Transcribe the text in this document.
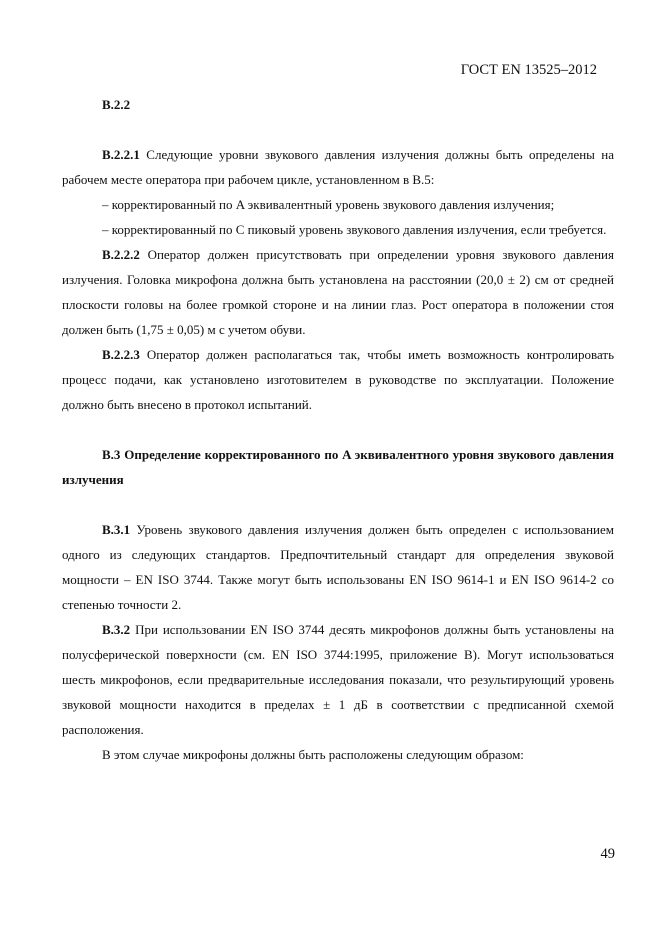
ГОСТ EN 13525–2012

B.2.2

B.2.2.1 Следующие уровни звукового давления излучения должны быть определены на рабочем месте оператора при рабочем цикле, установленном в B.5:

– корректированный по A эквивалентный уровень звукового давления излучения;

– корректированный по C пиковый уровень звукового давления излучения, если требуется.

B.2.2.2 Оператор должен присутствовать при определении уровня звукового давления излучения. Головка микрофона должна быть установлена на расстоянии (20,0 ± 2) см от средней плоскости головы на более громкой стороне и на линии глаз. Рост оператора в положении стоя должен быть (1,75 ± 0,05) м с учетом обуви.

B.2.2.3 Оператор должен располагаться так, чтобы иметь возможность контролировать процесс подачи, как установлено изготовителем в руководстве по эксплуатации. Положение должно быть внесено в протокол испытаний.

B.3 Определение корректированного по A эквивалентного уровня звукового давления излучения

B.3.1 Уровень звукового давления излучения должен быть определен с использованием одного из следующих стандартов. Предпочтительный стандарт для определения звуковой мощности – EN ISO 3744. Также могут быть использованы EN ISO 9614-1 и EN ISO 9614-2 со степенью точности 2.

B.3.2 При использовании EN ISO 3744 десять микрофонов должны быть установлены на полусферической поверхности (см. EN ISO 3744:1995, приложение B). Могут использоваться шесть микрофонов, если предварительные исследования показали, что результирующий уровень звуковой мощности находится в пределах ± 1 дБ в соответствии с предписанной схемой расположения.

В этом случае микрофоны должны быть расположены следующим образом:

49
